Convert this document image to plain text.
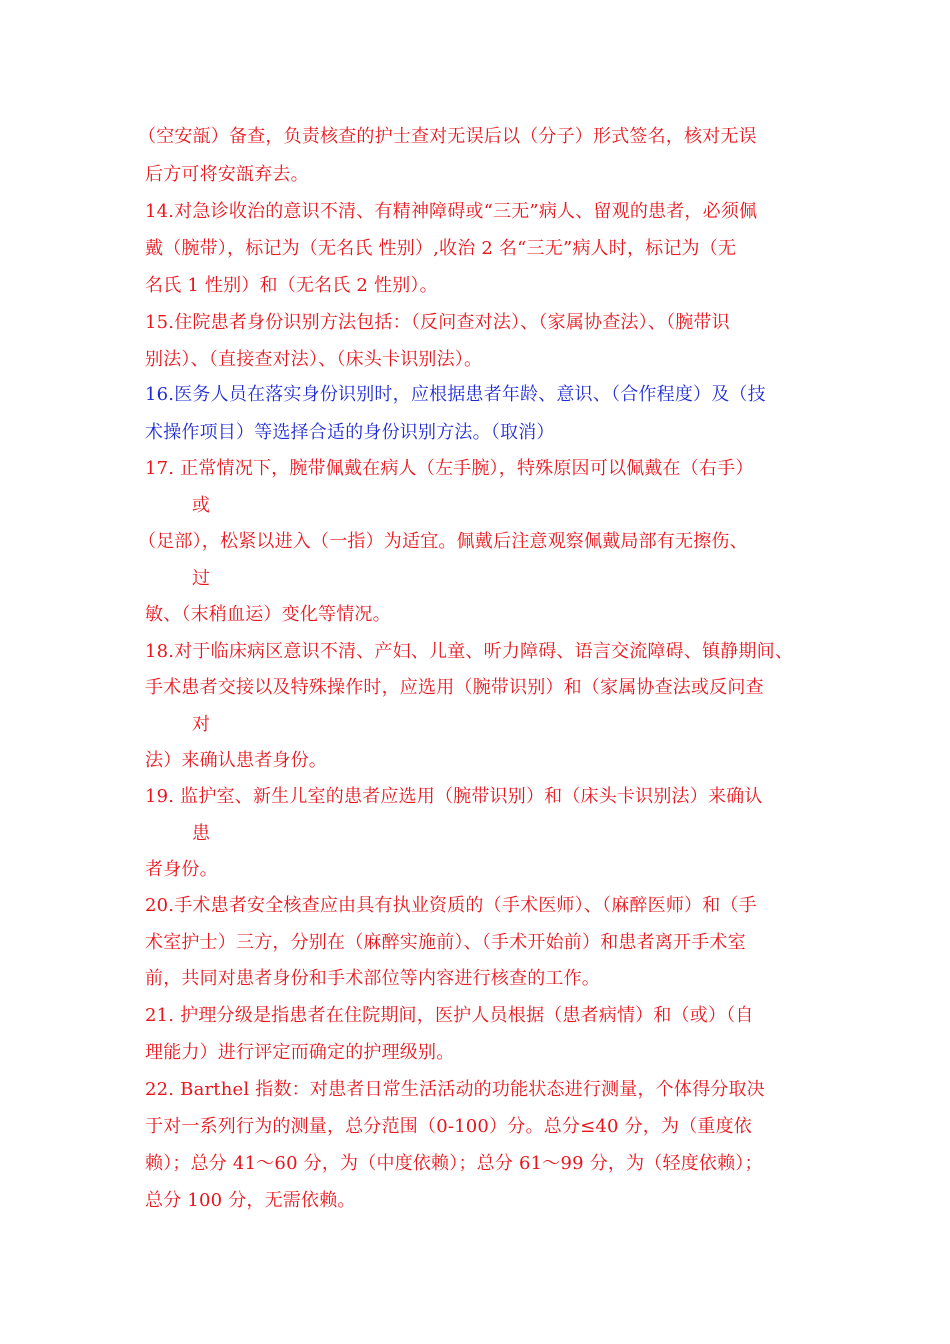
（空安瓿）备查，负责核查的护士查对无误后以（分子）形式签名，核对无误
后方可将安瓿弃去。
14.对急诊收治的意识不清、有精神障碍或“三无”病人、留观的患者，必须佩
戴（腕带），标记为（无名氏 性别）,收治 2 名“三无”病人时，标记为（无
名氏 1 性别）和（无名氏 2 性别）。
15.住院患者身份识别方法包括：（反问查对法）、（家属协查法）、（腕带识
别法）、（直接查对法）、（床头卡识别法）。
16.医务人员在落实身份识别时，应根据患者年龄、意识、（合作程度）及（技
术操作项目）等选择合适的身份识别方法。（取消）
17. 正常情况下，腕带佩戴在病人（左手腕），特殊原因可以佩戴在（右手）
或
（足部），松紧以进入（一指）为适宜。佩戴后注意观察佩戴局部有无擦伤、
过
敏、（末稍血运）变化等情况。
18.对于临床病区意识不清、产妇、儿童、听力障碍、语言交流障碍、镇静期间、
手术患者交接以及特殊操作时，应选用（腕带识别）和（家属协查法或反问查
对
法）来确认患者身份。
19. 监护室、新生儿室的患者应选用（腕带识别）和（床头卡识别法）来确认
患
者身份。
20.手术患者安全核查应由具有执业资质的（手术医师）、（麻醉医师）和（手
术室护士）三方，分别在（麻醉实施前）、（手术开始前）和患者离开手术室
前，共同对患者身份和手术部位等内容进行核查的工作。
21. 护理分级是指患者在住院期间，医护人员根据（患者病情）和（或）（自
理能力）进行评定而确定的护理级别。
22. Barthel 指数：对患者日常生活活动的功能状态进行测量，个体得分取决
于对一系列行为的测量，总分范围（0-100）分。总分≤40 分，为（重度依
赖）；总分 41～60 分，为（中度依赖）；总分 61～99 分，为（轻度依赖）；
总分 100 分，无需依赖。
